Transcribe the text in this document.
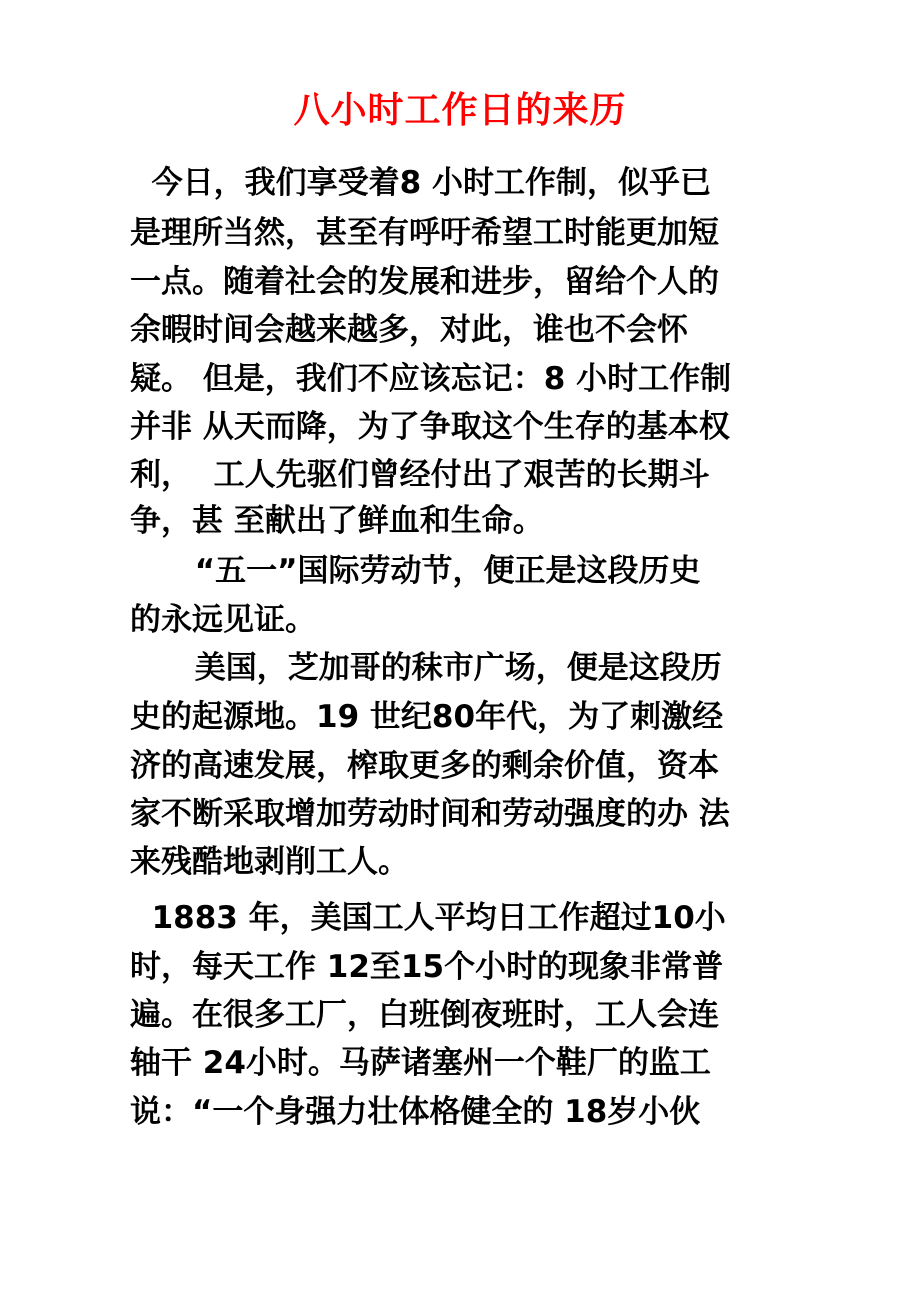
八小时工作日的来历
今日，我们享受着8 小时工作制，似乎已
是理所当然，甚至有呼吁希望工时能更加短
一点。随着社会的发展和进步，留给个人的
余暇时间会越来越多，对此，谁也不会怀
疑。 但是，我们不应该忘记：8 小时工作制
并非 从天而降，为了争取这个生存的基本权
利，  工人先驱们曾经付出了艰苦的长期斗
争，甚 至献出了鲜血和生命。
“五一”国际劳动节，便正是这段历史
的永远见证。
美国，芝加哥的秣市广场，便是这段历
史的起源地。19 世纪80年代，为了刺激经
济的高速发展，榨取更多的剩余价值，资本
家不断采取增加劳动时间和劳动强度的办 法
来残酷地剥削工人。
1883 年，美国工人平均日工作超过10小
时，每天工作 12至15个小时的现象非常普
遍。在很多工厂，白班倒夜班时，工人会连
轴干 24小时。马萨诸塞州一个鞋厂的监工
说：“一个身强力壮体格健全的 18岁小伙
